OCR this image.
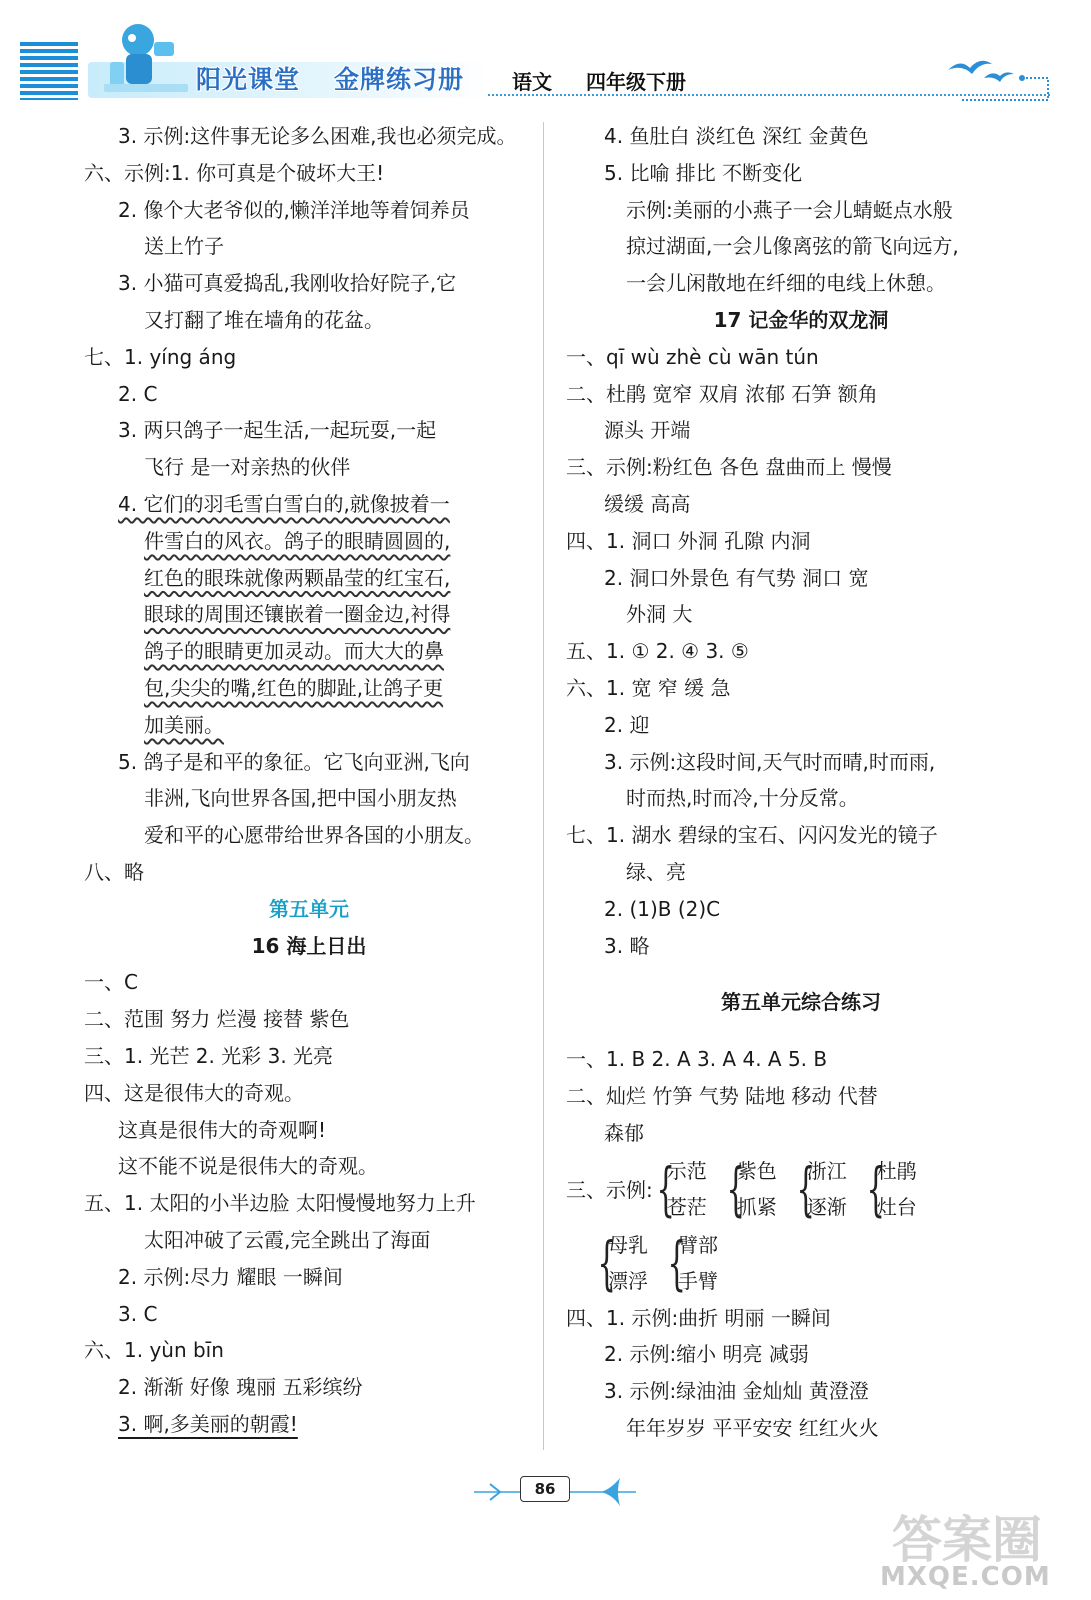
阳光课堂 金牌练习册 语文 四年级下册
3. 示例:这件事无论多么困难,我也必须完成。
六、示例:1. 你可真是个破坏大王!
2. 像个大老爷似的,懒洋洋地等着饲养员
送上竹子
3. 小猫可真爱捣乱,我刚收拾好院子,它
又打翻了堆在墙角的花盆。
七、1. yíng áng
2. C
3. 两只鸽子一起生活,一起玩耍,一起
飞行 是一对亲热的伙伴
4. 它们的羽毛雪白雪白的,就像披着一
件雪白的风衣。鸽子的眼睛圆圆的,
红色的眼珠就像两颗晶莹的红宝石,
眼球的周围还镶嵌着一圈金边,衬得
鸽子的眼睛更加灵动。而大大的鼻
包,尖尖的嘴,红色的脚趾,让鸽子更
加美丽。
5. 鸽子是和平的象征。它飞向亚洲,飞向
非洲,飞向世界各国,把中国小朋友热
爱和平的心愿带给世界各国的小朋友。
八、略
第五单元
16 海上日出
一、C
二、范围 努力 烂漫 接替 紫色
三、1. 光芒 2. 光彩 3. 光亮
四、这是很伟大的奇观。
这真是很伟大的奇观啊!
这不能不说是很伟大的奇观。
五、1. 太阳的小半边脸 太阳慢慢地努力上升
太阳冲破了云霞,完全跳出了海面
2. 示例:尽力 耀眼 一瞬间
3. C
六、1. yùn bīn
2. 渐渐 好像 瑰丽 五彩缤纷
3. 啊,多美丽的朝霞!
4. 鱼肚白 淡红色 深红 金黄色
5. 比喻 排比 不断变化
示例:美丽的小燕子一会儿蜻蜓点水般
掠过湖面,一会儿像离弦的箭飞向远方,
一会儿闲散地在纤细的电线上休憩。
17 记金华的双龙洞
一、qī wù zhè cù wān tún
二、杜鹃 宽窄 双肩 浓郁 石笋 额角
源头 开端
三、示例:粉红色 各色 盘曲而上 慢慢
缓缓 高高
四、1. 洞口 外洞 孔隙 内洞
2. 洞口外景色 有气势 洞口 宽
外洞 大
五、1. ① 2. ④ 3. ⑤
六、1. 宽 窄 缓 急
2. 迎
3. 示例:这段时间,天气时而晴,时而雨,
时而热,时而冷,十分反常。
七、1. 湖水 碧绿的宝石、闪闪发光的镜子
绿、亮
2. (1)B (2)C
3. 略
第五单元综合练习
一、1. B 2. A 3. A 4. A 5. B
二、灿烂 竹笋 气势 陆地 移动 代替
森郁
三、示例: {
示范
苍茫 {
紫色
抓紧 {
浙江
逐渐 {
杜鹃
灶台
{
母乳
漂浮 {
臂部
手臂
四、1. 示例:曲折 明丽 一瞬间
2. 示例:缩小 明亮 减弱
3. 示例:绿油油 金灿灿 黄澄澄
年年岁岁 平平安安 红红火火
86
答案圈
MXQE.COM
